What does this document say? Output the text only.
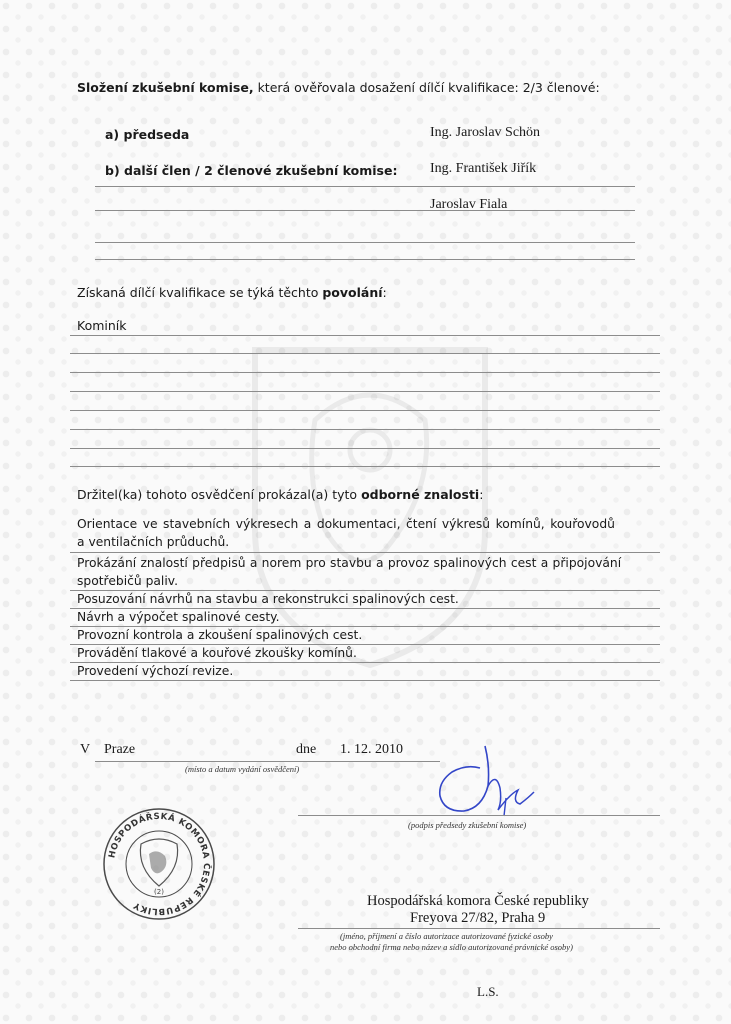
Složení zkušební komise, která ověřovala dosažení dílčí kvalifikace: 2/3 členové:
a) předseda	Ing. Jaroslav Schön
b) další člen / 2 členové zkušební komise: Ing. František Jiřík
Jaroslav Fiala
Získaná dílčí kvalifikace se týká těchto povolání:
Kominík
Držitel(ka) tohoto osvědčení prokázal(a) tyto odborné znalosti:
Orientace ve stavebních výkresech a dokumentaci, čtení výkresů komínů, kouřovodů
a ventilačních průduchů.
Prokázání znalostí předpisů a norem pro stavbu a provoz spalinových cest a připojování
spotřebičů paliv.
Posuzování návrhů na stavbu a rekonstrukci spalinových cest.
Návrh a výpočet spalinové cesty.
Provozní kontrola a zkoušení spalinových cest.
Provádění tlakové a kouřové zkoušky komínů.
Provedení výchozí revize.
V Praze	dne 1. 12. 2010
(místo a datum vydání osvědčení)
(podpis předsedy zkušební komise)
(2)
HOSPODÁŘSKÁ KOMORA ČESKÉ REPUBLIKY	Hospodářská komora České republiky
Freyova 27/82, Praha 9
(jméno, příjmení a číslo autorizace autorizované fyzické osoby
nebo obchodní firma nebo název a sídlo autorizované právnické osoby)
L.S.
